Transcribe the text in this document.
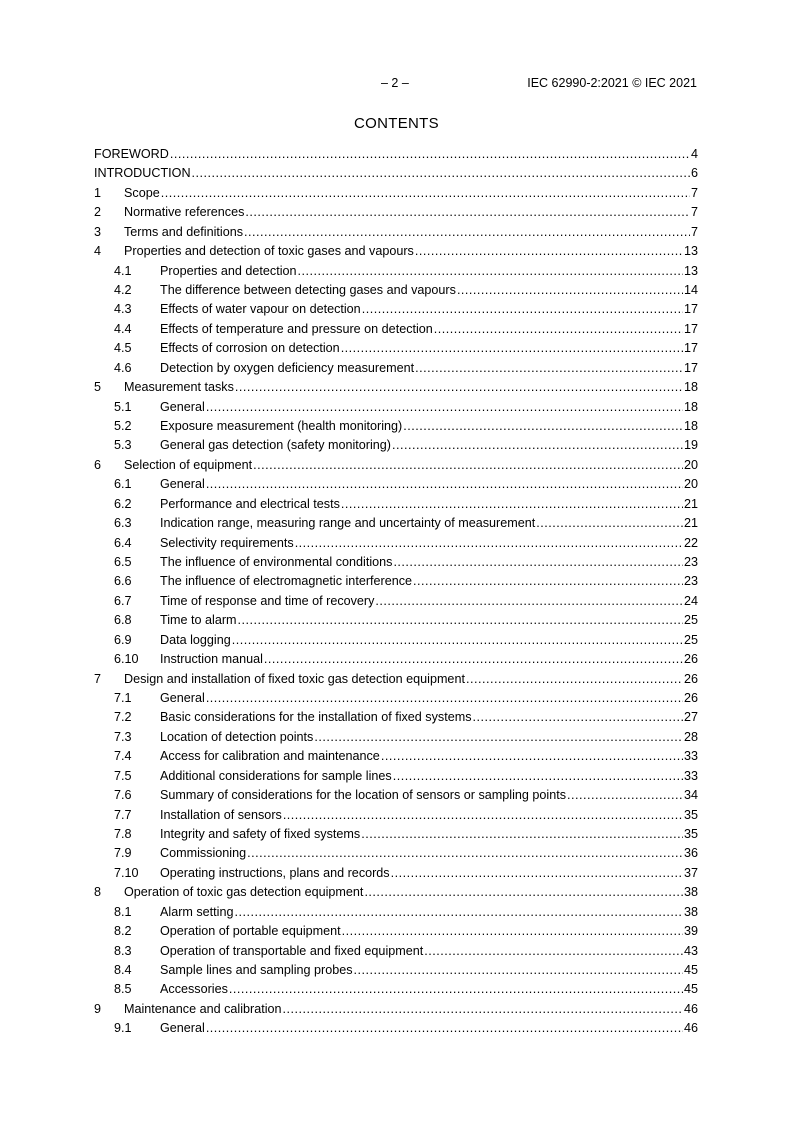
– 2 –	IEC 62990-2:2021 © IEC 2021
CONTENTS
FOREWORD .....	4
INTRODUCTION .....	6
1	Scope .....	7
2	Normative references .....	7
3	Terms and definitions .....	7
4	Properties and detection of toxic gases and vapours .....	13
4.1	Properties and detection .....	13
4.2	The difference between detecting gases and vapours .....	14
4.3	Effects of water vapour on detection .....	17
4.4	Effects of temperature and pressure on detection .....	17
4.5	Effects of corrosion on detection .....	17
4.6	Detection by oxygen deficiency measurement .....	17
5	Measurement tasks .....	18
5.1	General .....	18
5.2	Exposure measurement (health monitoring) .....	18
5.3	General gas detection (safety monitoring) .....	19
6	Selection of equipment .....	20
6.1	General .....	20
6.2	Performance and electrical tests .....	21
6.3	Indication range, measuring range and uncertainty of measurement .....	21
6.4	Selectivity requirements .....	22
6.5	The influence of environmental conditions .....	23
6.6	The influence of electromagnetic interference .....	23
6.7	Time of response and time of recovery .....	24
6.8	Time to alarm .....	25
6.9	Data logging .....	25
6.10	Instruction manual .....	26
7	Design and installation of fixed toxic gas detection equipment .....	26
7.1	General .....	26
7.2	Basic considerations for the installation of fixed systems .....	27
7.3	Location of detection points .....	28
7.4	Access for calibration and maintenance .....	33
7.5	Additional considerations for sample lines .....	33
7.6	Summary of considerations for the location of sensors or sampling points .....	34
7.7	Installation of sensors .....	35
7.8	Integrity and safety of fixed systems .....	35
7.9	Commissioning .....	36
7.10	Operating instructions, plans and records .....	37
8	Operation of toxic gas detection equipment .....	38
8.1	Alarm setting .....	38
8.2	Operation of portable equipment .....	39
8.3	Operation of transportable and fixed equipment .....	43
8.4	Sample lines and sampling probes .....	45
8.5	Accessories .....	45
9	Maintenance and calibration .....	46
9.1	General .....	46
